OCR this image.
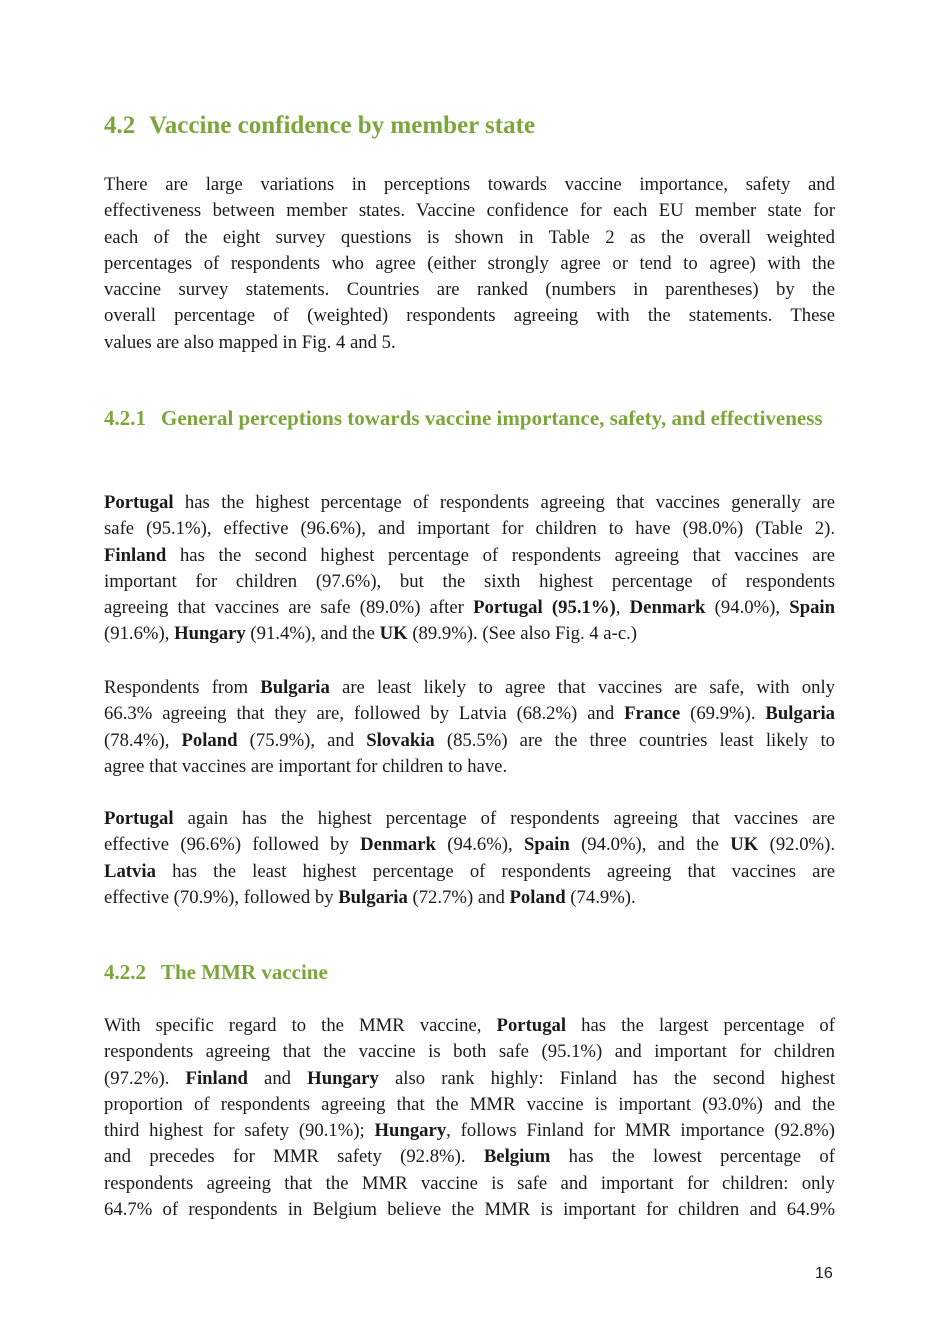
4.2 Vaccine confidence by member state
There are large variations in perceptions towards vaccine importance, safety and
effectiveness between member states. Vaccine confidence for each EU member state for
each of the eight survey questions is shown in Table 2 as the overall weighted
percentages of respondents who agree (either strongly agree or tend to agree) with the
vaccine survey statements. Countries are ranked (numbers in parentheses) by the
overall percentage of (weighted) respondents agreeing with the statements. These
values are also mapped in Fig. 4 and 5.
4.2.1 General perceptions towards vaccine importance, safety, and effectiveness
Portugal has the highest percentage of respondents agreeing that vaccines generally are
safe (95.1%), effective (96.6%), and important for children to have (98.0%) (Table 2).
Finland has the second highest percentage of respondents agreeing that vaccines are
important for children (97.6%), but the sixth highest percentage of respondents
agreeing that vaccines are safe (89.0%) after Portugal (95.1%), Denmark (94.0%), Spain
(91.6%), Hungary (91.4%), and the UK (89.9%). (See also Fig. 4 a-c.)
Respondents from Bulgaria are least likely to agree that vaccines are safe, with only
66.3% agreeing that they are, followed by Latvia (68.2%) and France (69.9%). Bulgaria
(78.4%), Poland (75.9%), and Slovakia (85.5%) are the three countries least likely to
agree that vaccines are important for children to have.
Portugal again has the highest percentage of respondents agreeing that vaccines are
effective (96.6%) followed by Denmark (94.6%), Spain (94.0%), and the UK (92.0%).
Latvia has the least highest percentage of respondents agreeing that vaccines are
effective (70.9%), followed by Bulgaria (72.7%) and Poland (74.9%).
4.2.2 The MMR vaccine
With specific regard to the MMR vaccine, Portugal has the largest percentage of
respondents agreeing that the vaccine is both safe (95.1%) and important for children
(97.2%). Finland and Hungary also rank highly: Finland has the second highest
proportion of respondents agreeing that the MMR vaccine is important (93.0%) and the
third highest for safety (90.1%); Hungary, follows Finland for MMR importance (92.8%)
and precedes for MMR safety (92.8%). Belgium has the lowest percentage of
respondents agreeing that the MMR vaccine is safe and important for children: only
64.7% of respondents in Belgium believe the MMR is important for children and 64.9%
16
